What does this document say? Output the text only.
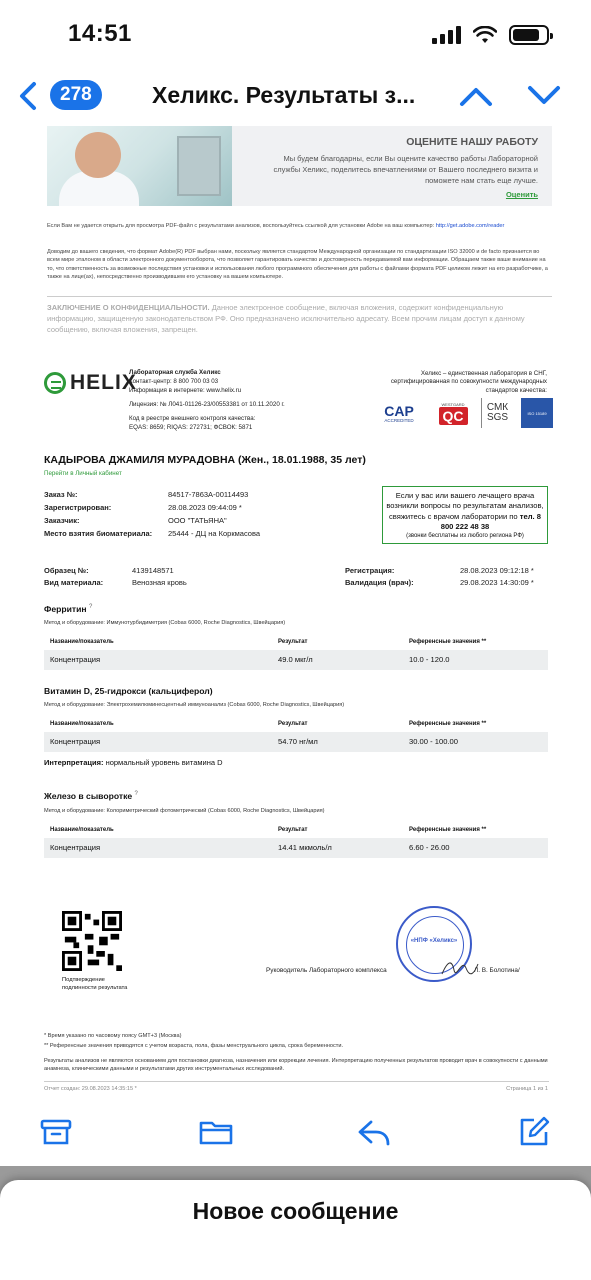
14:51
278	Хеликс. Результаты з...
ОЦЕНИТЕ НАШУ РАБОТУ
Мы будем благодарны, если Вы оцените качество работы Лабораторной службы Хеликс, поделитесь впечатлениями от Вашего последнего визита и поможете нам стать еще лучше.
Оценить
Если Вам не удается открыть для просмотра PDF-файл с результатами анализов, воспользуйтесь ссылкой для установки Adobe на ваш компьютер: http://get.adobe.com/reader
Доводим до вашего сведения, что формат Adobe(R) PDF выбран нами, поскольку является стандартом Международной организации по стандартизации ISO 32000 и de facto признается во всем мире эталоном в области электронного документооборота, что позволяет гарантировать качество и достоверность передаваемой вам информации. Обращаем также ваше внимание на то, что ответственность за возможные последствия установки и использования любого программного обеспечения для работы с файлами формата PDF целиком лежит на его разработчике, а также на лице(ах), непосредственно производившем его установку на вашем компьютере.
ЗАКЛЮЧЕНИЕ О КОНФИДЕНЦИАЛЬНОСТИ. Данное электронное сообщение, включая вложения, содержит конфиденциальную информацию, защищенную законодательством РФ. Оно предназначено исключительно адресату. Всем прочим лицам доступ к данному сообщению, включая вложения, запрещен.
HELIX
Лабораторная служба Хеликс
Контакт-центр: 8 800 700 03 03
Информация в интернете: www.helix.ru
Лицензия: № Л041-01126-23/00553381 от 10.11.2020 г.
Код в реестре внешнего контроля качества:
EQAS: 8659; RIQAS: 272731; ФСВОК: 5871
Хеликс – единственная лаборатория в СНГ, сертифицированная по совокупности международных стандартов качества:
CAP
ACCREDITED
WESTGARD
QC	СМК
SGS	ISO 15189
КАДЫРОВА ДЖАМИЛЯ МУРАДОВНА (Жен., 18.01.1988, 35 лет)
Перейти в Личный кабинет
Заказ №:	84517-7863A-00114493
Зарегистрирован:	28.08.2023 09:44:09 *
Заказчик:	ООО "ТАТЬЯНА"
Место взятия биоматериала: 25444 - ДЦ на Коркмасова
Если у вас или вашего лечащего врача возникли вопросы по результатам анализов, свяжитесь с врачом лаборатории по тел. 8 800 222 48 38
(звонки бесплатны из любого региона РФ)
Образец №:	4139148571
Вид материала:	Венозная кровь
Регистрация:	28.08.2023 09:12:18 *
Валидация (врач):	29.08.2023 14:30:09 *
Ферритин ?
Метод и оборудование: Иммунотурбидиметрия (Cobas 6000, Roche Diagnostics, Швейцария)
Название/показатель	Результат	Референсные значения **
Концентрация	49.0 мкг/л	10.0 - 120.0
Витамин D, 25-гидрокси (кальциферол)
Метод и оборудование: Электрохемилюминесцентный иммуноанализ (Cobas 6000, Roche Diagnostics, Швейцария)
Название/показатель	Результат	Референсные значения **
Концентрация	54.70 нг/мл	30.00 - 100.00
Интерпретация: нормальный уровень витамина D
Железо в сыворотке ?
Метод и оборудование: Колориметрический фотометрический (Cobas 6000, Roche Diagnostics, Швейцария)
Название/показатель	Результат	Референсные значения **
Концентрация	14.41 мкмоль/л	6.60 - 26.00
Подтверждение
подлинности результата
Руководитель Лабораторного комплекса
«НПФ «Хеликс»
Л. В. Болотина/
* Время указано по часовому поясу GMT+3 (Москва)
** Референсные значения приводятся с учетом возраста, пола, фазы менструального цикла, срока беременности.
Результаты анализов не являются основанием для постановки диагноза, назначения или коррекции лечения. Интерпретацию полученных результатов проводит врач в совокупности с данными анамнеза, клиническими данными и результатами других инструментальных исследований.
Отчет создан: 29.08.2023 14:35:15 *	Страница 1 из 1
Новое сообщение
